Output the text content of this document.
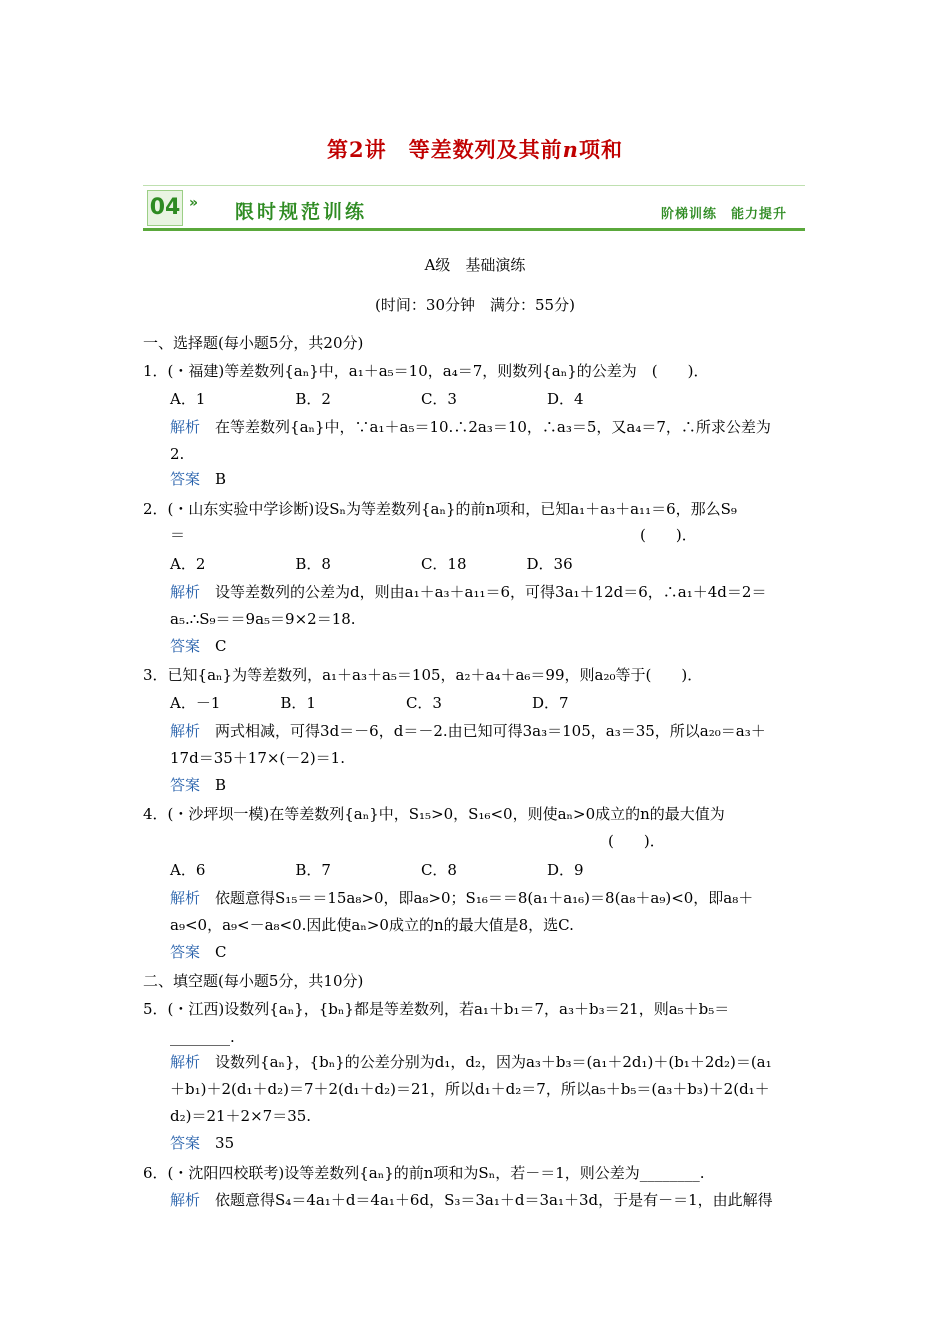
第2讲　等差数列及其前n项和
04 » 限时规范训练	阶梯训练　能力提升
A级　基础演练
(时间：30分钟　满分：55分)
一、选择题(每小题5分，共20分)
1．(・福建)等差数列{aₙ}中，a₁＋a₅＝10，a₄＝7，则数列{aₙ}的公差为　(　　)．
A．1　　　　　　B．2　　　　　　C．3　　　　　　D．4
解析　 在等差数列{aₙ}中，∵a₁＋a₅＝10.∴2a₃＝10，∴a₃＝5，又a₄＝7，∴所求公差为
2.
答案　 B
2．(・山东实验中学诊断)设Sₙ为等差数列{aₙ}的前n项和，已知a₁＋a₃＋a₁₁＝6，那么S₉
＝	(　　)．
A．2　　　　　　B．8　　　　　　C．18　　　　D．36
解析　 设等差数列的公差为d，则由a₁＋a₃＋a₁₁＝6，可得3a₁＋12d＝6，∴a₁＋4d＝2＝
a₅.∴S₉＝＝9a₅＝9×2＝18.
答案　 C
3．已知{aₙ}为等差数列，a₁＋a₃＋a₅＝105，a₂＋a₄＋a₆＝99，则a₂₀等于(　　)．
A．－1　　　　B．1　　　　　　C．3　　　　　　D．7
解析　 两式相减，可得3d＝－6，d＝－2.由已知可得3a₃＝105，a₃＝35，所以a₂₀＝a₃＋
17d＝35＋17×(－2)＝1.
答案　 B
4．(・沙坪坝一模)在等差数列{aₙ}中，S₁₅>0，S₁₆<0，则使aₙ>0成立的n的最大值为
(　　)．
A．6　　　　　　B．7　　　　　　C．8　　　　　　D．9
解析　 依题意得S₁₅＝＝15a₈>0，即a₈>0；S₁₆＝＝8(a₁＋a₁₆)＝8(a₈＋a₉)<0，即a₈＋
a₉<0，a₉<－a₈<0.因此使aₙ>0成立的n的最大值是8，选C.
答案　 C
二、填空题(每小题5分，共10分)
5．(・江西)设数列{aₙ}，{bₙ}都是等差数列，若a₁＋b₁＝7，a₃＋b₃＝21，则a₅＋b₅＝
________.
解析　 设数列{aₙ}，{bₙ}的公差分别为d₁，d₂，因为a₃＋b₃＝(a₁＋2d₁)＋(b₁＋2d₂)＝(a₁
＋b₁)＋2(d₁＋d₂)＝7＋2(d₁＋d₂)＝21，所以d₁＋d₂＝7，所以a₅＋b₅＝(a₃＋b₃)＋2(d₁＋
d₂)＝21＋2×7＝35.
答案　 35
6．(・沈阳四校联考)设等差数列{aₙ}的前n项和为Sₙ，若－＝1，则公差为________.
解析　 依题意得S₄＝4a₁＋d＝4a₁＋6d，S₃＝3a₁＋d＝3a₁＋3d，于是有－＝1，由此解得
